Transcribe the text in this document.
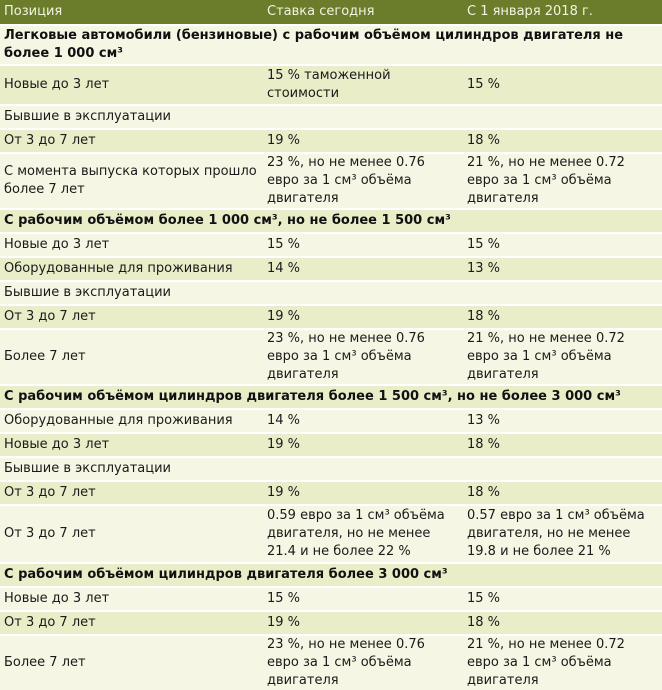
Позиция	Ставка сегодня	С 1 января 2018 г.
Легковые автомобили (бензиновые) с рабочим объёмом цилиндров двигателя не более 1 000 см³		
Новые до 3 лет	15 % таможенной стоимости	15 %
Бывшие в эксплуатации		
От 3 до 7 лет	19 %	18 %
С момента выпуска которых прошло более 7 лет	23 %, но не менее 0.76 евро за 1 см³ объёма двигателя	21 %, но не менее 0.72 евро за 1 см³ объёма двигателя
С рабочим объёмом более 1 000 см³, но не более 1 500 см³		
Новые до 3 лет	15 %	15 %
Оборудованные для проживания	14 %	13 %
Бывшие в эксплуатации		
От 3 до 7 лет	19 %	18 %
Более 7 лет	23 %, но не менее 0.76 евро за 1 см³ объёма двигателя	21 %, но не менее 0.72 евро за 1 см³ объёма двигателя
С рабочим объёмом цилиндров двигателя более 1 500 см³, но не более 3 000 см³		
Оборудованные для проживания	14 %	13 %
Новые до 3 лет	19 %	18 %
Бывшие в эксплуатации		
От 3 до 7 лет	19 %	18 %
От 3 до 7 лет	0.59 евро за 1 см³ объёма двигателя, но не менее 21.4 и не более 22 %	0.57 евро за 1 см³ объёма двигателя, но не менее 19.8 и не более 21 %
С рабочим объёмом цилиндров двигателя более 3 000 см³		
Новые до 3 лет	15 %	15 %
От 3 до 7 лет	19 %	18 %
Более 7 лет	23 %, но не менее 0.76 евро за 1 см³ объёма двигателя	21 %, но не менее 0.72 евро за 1 см³ объёма двигателя
